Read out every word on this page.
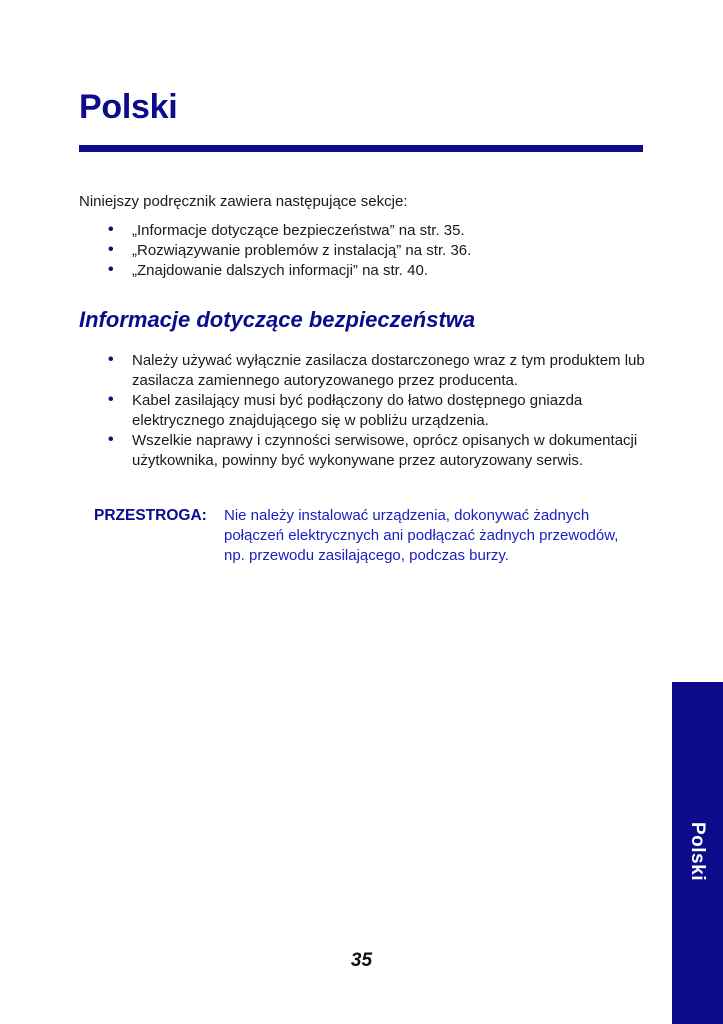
Polski

Niniejszy podręcznik zawiera następujące sekcje:

• „Informacje dotyczące bezpieczeństwa” na str. 35.
• „Rozwiązywanie problemów z instalacją” na str. 36.
• „Znajdowanie dalszych informacji” na str. 40.
Informacje dotyczące bezpieczeństwa
• Należy używać wyłącznie zasilacza dostarczonego wraz z tym produktem lub zasilacza zamiennego autoryzowanego przez producenta.
• Kabel zasilający musi być podłączony do łatwo dostępnego gniazda elektrycznego znajdującego się w pobliżu urządzenia.
• Wszelkie naprawy i czynności serwisowe, oprócz opisanych w dokumentacji użytkownika, powinny być wykonywane przez autoryzowany serwis.
PRZESTROGA: Nie należy instalować urządzenia, dokonywać żadnych
połączeń elektrycznych ani podłączać żadnych przewodów,
np. przewodu zasilającego, podczas burzy.
35
Polski
